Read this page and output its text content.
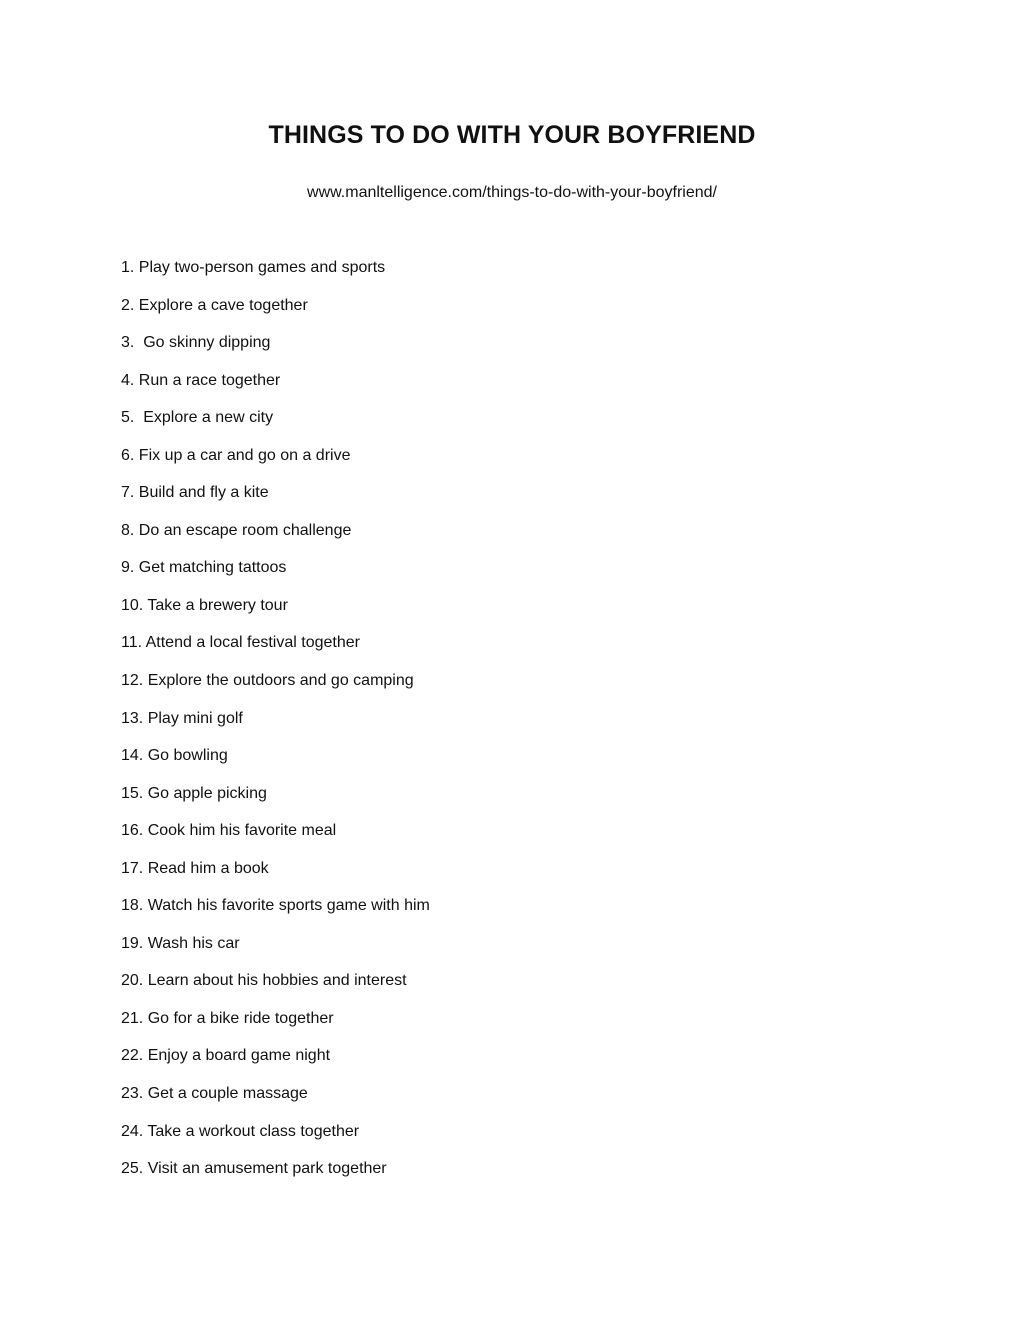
THINGS TO DO WITH YOUR BOYFRIEND
www.manltelligence.com/things-to-do-with-your-boyfriend/
1. Play two-person games and sports
2. Explore a cave together
3.  Go skinny dipping
4. Run a race together
5.  Explore a new city
6. Fix up a car and go on a drive
7. Build and fly a kite
8. Do an escape room challenge
9. Get matching tattoos
10. Take a brewery tour
11. Attend a local festival together
12. Explore the outdoors and go camping
13. Play mini golf
14. Go bowling
15. Go apple picking
16. Cook him his favorite meal
17. Read him a book
18. Watch his favorite sports game with him
19. Wash his car
20. Learn about his hobbies and interest
21. Go for a bike ride together
22. Enjoy a board game night
23. Get a couple massage
24. Take a workout class together
25. Visit an amusement park together
